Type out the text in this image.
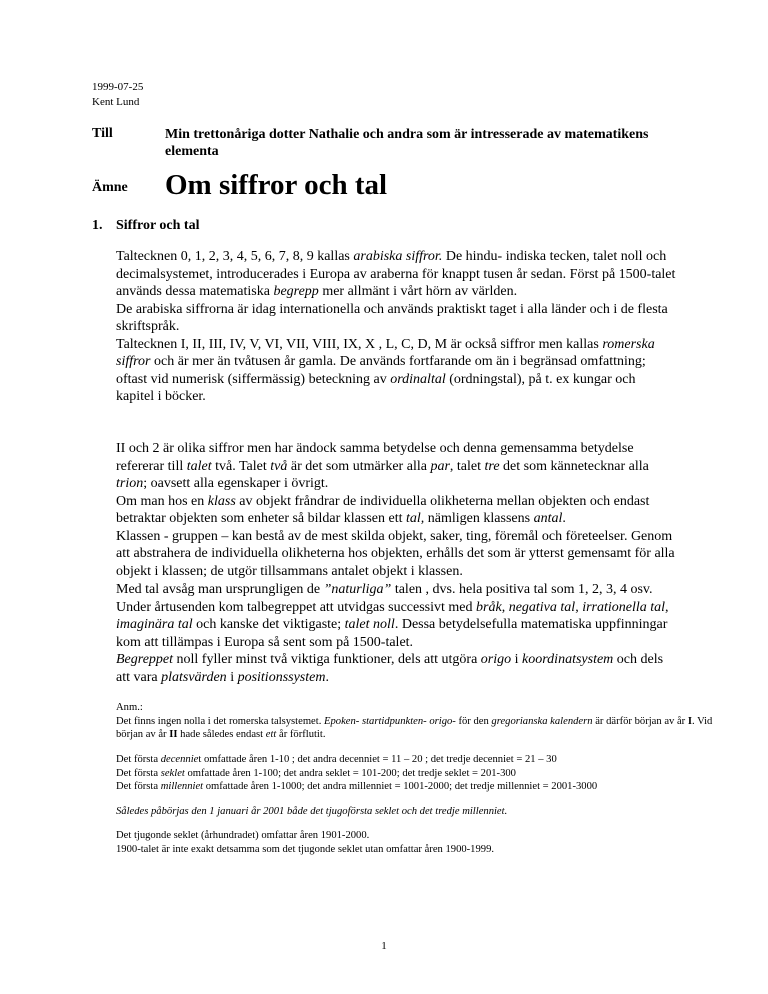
1999-07-25
Kent Lund
Till	Min trettonåriga dotter Nathalie och andra som är intresserade av matematikens elementa
Ämne Om siffror och tal
1. Siffror och tal
Taltecknen 0, 1, 2, 3, 4, 5, 6, 7, 8, 9 kallas arabiska siffror. De hindu- indiska tecken, talet noll och decimalsystemet, introducerades i Europa av araberna för knappt tusen år sedan. Först på 1500-talet används dessa matematiska begrepp mer allmänt i vårt hörn av världen.
De arabiska siffrorna är idag internationella och används praktiskt taget i alla länder och i de flesta skriftspråk.
Taltecknen I, II, III, IV, V, VI, VII, VIII, IX, X , L, C, D, M är också siffror men kallas romerska siffror och är mer än tvåtusen år gamla. De används fortfarande om än i begränsad omfattning; oftast vid numerisk (siffermässig) beteckning av ordinaltal (ordningstal), på t. ex kungar och kapitel i böcker.
II och 2 är olika siffror men har ändock samma betydelse och denna gemensamma betydelse refererar till talet två. Talet två är det som utmärker alla par, talet tre det som kännetecknar alla trion; oavsett alla egenskaper i övrigt.
Om man hos en klass av objekt fråndrar de individuella olikheterna mellan objekten och endast betraktar objekten som enheter så bildar klassen ett tal, nämligen klassens antal.
Klassen - gruppen – kan bestå av de mest skilda objekt, saker, ting, föremål och företeelser. Genom att abstrahera de individuella olikheterna hos objekten, erhålls det som är ytterst gemensamt för alla objekt i klassen; de utgör tillsammans antalet objekt i klassen.
Med tal avsåg man ursprungligen de ”naturliga” talen , dvs. hela positiva tal som 1, 2, 3, 4 osv. Under årtusenden kom talbegreppet att utvidgas successivt med bråk, negativa tal, irrationella tal, imaginära tal och kanske det viktigaste; talet noll. Dessa betydelsefulla matematiska uppfinningar kom att tillämpas i Europa så sent som på 1500-talet.
Begreppet noll fyller minst två viktiga funktioner, dels att utgöra origo i koordinatsystem och dels att vara platsvärden i positionssystem.
Anm.:
Det finns ingen nolla i det romerska talsystemet. Epoken- startidpunkten- origo- för den gregorianska kalendern är därför början av år I. Vid början av år II hade således endast ett år förflutit.
Det första decenniet omfattade åren 1-10 ; det andra decenniet = 11 – 20 ; det tredje decenniet = 21 – 30
Det första seklet omfattade åren 1-100; det andra seklet = 101-200; det tredje seklet = 201-300
Det första millenniet omfattade åren 1-1000; det andra millenniet = 1001-2000; det tredje millenniet = 2001-3000
Således påbörjas den 1 januari år 2001 både det tjugoförsta seklet och det tredje millenniet.
Det tjugonde seklet (århundradet) omfattar åren 1901-2000.
1900-talet är inte exakt detsamma som det tjugonde seklet utan omfattar åren 1900-1999.
1
